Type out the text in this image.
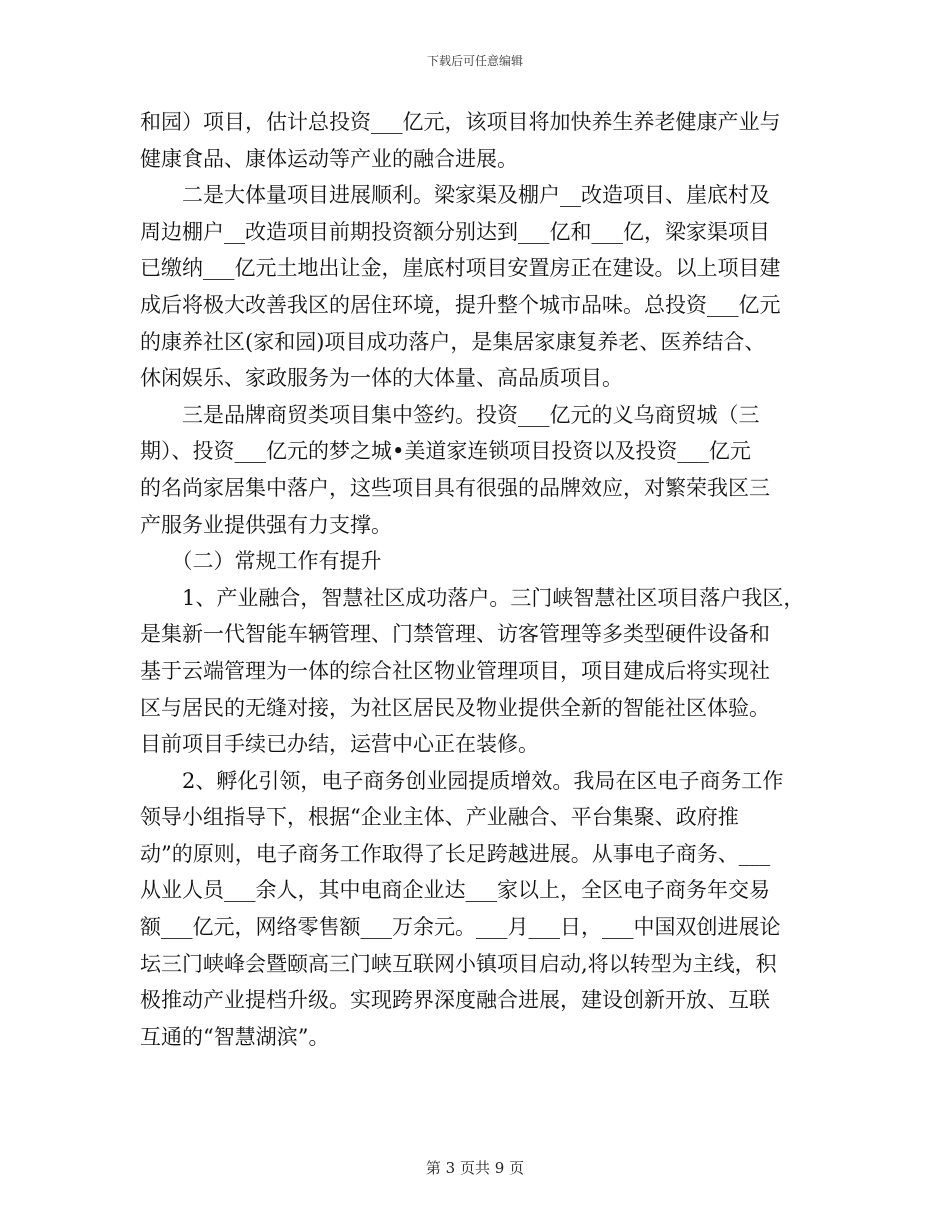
下载后可任意编辑
和园）项目，估计总投资___亿元，该项目将加快养生养老健康产业与
健康食品、康体运动等产业的融合进展。
　　二是大体量项目进展顺利。梁家渠及棚户__改造项目、崖底村及
周边棚户__改造项目前期投资额分别达到___亿和___亿，梁家渠项目
已缴纳___亿元土地出让金，崖底村项目安置房正在建设。以上项目建
成后将极大改善我区的居住环境，提升整个城市品味。总投资___亿元
的康养社区(家和园)项目成功落户，是集居家康复养老、医养结合、
休闲娱乐、家政服务为一体的大体量、高品质项目。
　　三是品牌商贸类项目集中签约。投资___亿元的义乌商贸城（三
期）、投资___亿元的梦之城•美道家连锁项目投资以及投资___亿元
的名尚家居集中落户，这些项目具有很强的品牌效应，对繁荣我区三
产服务业提供强有力支撑。
　　（二）常规工作有提升
　　1、产业融合，智慧社区成功落户。三门峡智慧社区项目落户我区，
是集新一代智能车辆管理、门禁管理、访客管理等多类型硬件设备和
基于云端管理为一体的综合社区物业管理项目，项目建成后将实现社
区与居民的无缝对接，为社区居民及物业提供全新的智能社区体验。
目前项目手续已办结，运营中心正在装修。
　　2、孵化引领，电子商务创业园提质增效。我局在区电子商务工作
领导小组指导下，根据“企业主体、产业融合、平台集聚、政府推
动”的原则，电子商务工作取得了长足跨越进展。从事电子商务、___
从业人员___余人，其中电商企业达___家以上，全区电子商务年交易
额___亿元，网络零售额___万余元。___月___日，___中国双创进展论
坛三门峡峰会暨颐高三门峡互联网小镇项目启动,将以转型为主线，积
极推动产业提档升级。实现跨界深度融合进展，建设创新开放、互联
互通的“智慧湖滨”。
第 3 页共 9 页
